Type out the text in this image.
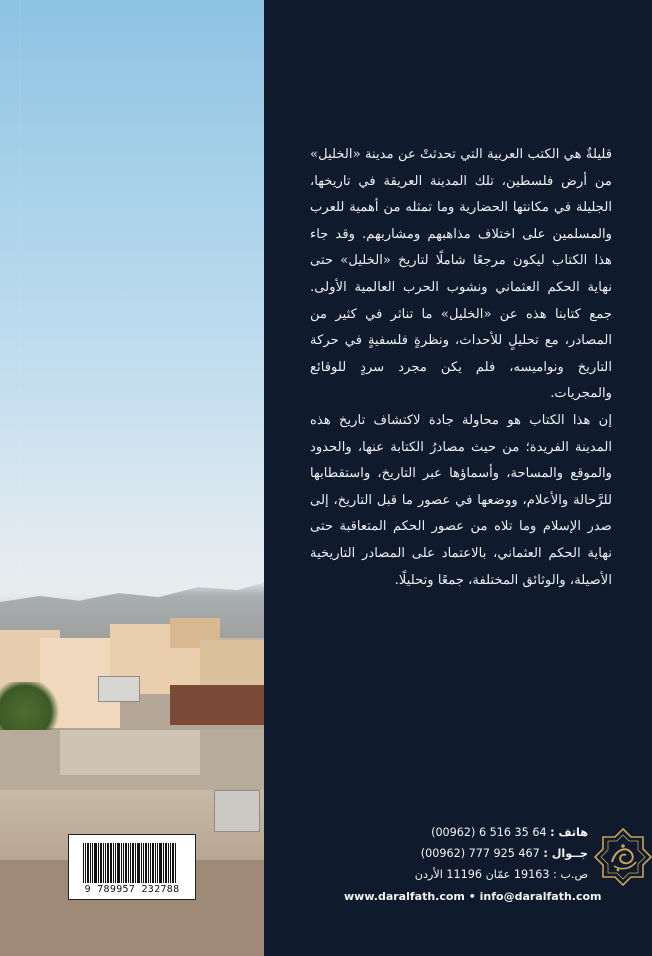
9 789957 232788

قليلةٌ هي الكتب العربية التي تحدثتْ عن مدينة «الخليل» من أرض فلسطين، تلك المدينة العريقة في تاريخها، الجليلة في مكانتها الحضارية وما تمثله من أهمية للعرب والمسلمين على اختلاف مذاهبهم ومشاربهم. وقد جاء هذا الكتاب ليكون مرجعًا شاملًا لتاريخ «الخليل» حتى نهاية الحكم العثماني ونشوب الحرب العالمية الأولى. جمع كتابنا هذه عن «الخليل» ما تناثر في كثير من المصادر، مع تحليلٍ للأحداث، ونظرةٍ فلسفيةٍ في حركة التاريخ ونواميسه، فلم يكن مجرد سردٍ للوقائع والمجريات.

إن هذا الكتاب هو محاولة جادة لاكتشاف تاريخ هذه المدينة الفريدة؛ من حيث مصادرُ الكتابة عنها، والحدود والموقع والمساحة، وأسماؤها عبر التاريخ، واستقطابها للرَّحالة والأعلام، ووضعها في عصور ما قبل التاريخ، إلى صدر الإسلام وما تلاه من عصور الحكم المتعاقبة حتى نهاية الحكم العثماني، بالاعتماد على المصادر التاريخية الأصيلة، والوثائق المختلفة، جمعًا وتحليلًا.

هاتف : (00962) 6 516 35 64
جــوال : (00962) 777 925 467
ص.ب : 19163 عمّان 11196 الأردن
www.daralfath.com • info@daralfath.com
